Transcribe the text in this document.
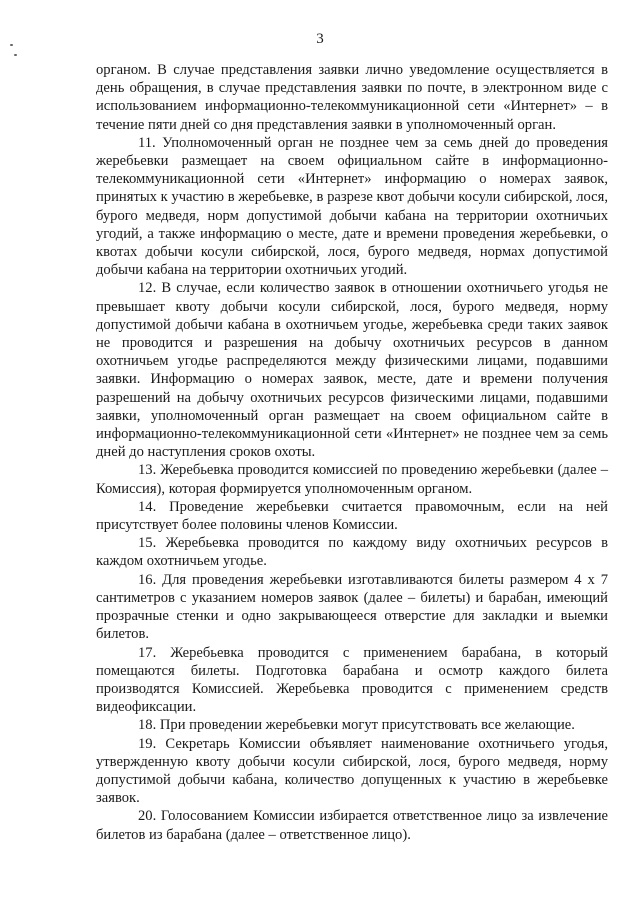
3

органом. В случае представления заявки лично уведомление осуществляется в день обращения, в случае представления заявки по почте, в электронном виде с использованием информационно-телекоммуникационной сети «Интернет» – в течение пяти дней со дня представления заявки в уполномоченный орган.

11. Уполномоченный орган не позднее чем за семь дней до проведения жеребьевки размещает на своем официальном сайте в информационно-телекоммуникационной сети «Интернет» информацию о номерах заявок, принятых к участию в жеребьевке, в разрезе квот добычи косули сибирской, лося, бурого медведя, норм допустимой добычи кабана на территории охотничьих угодий, а также информацию о месте, дате и времени проведения жеребьевки, о квотах добычи косули сибирской, лося, бурого медведя, нормах допустимой добычи кабана на территории охотничьих угодий.

12. В случае, если количество заявок в отношении охотничьего угодья не превышает квоту добычи косули сибирской, лося, бурого медведя, норму допустимой добычи кабана в охотничьем угодье, жеребьевка среди таких заявок не проводится и разрешения на добычу охотничьих ресурсов в данном охотничьем угодье распределяются между физическими лицами, подавшими заявки. Информацию о номерах заявок, месте, дате и времени получения разрешений на добычу охотничьих ресурсов физическими лицами, подавшими заявки, уполномоченный орган размещает на своем официальном сайте в информационно-телекоммуникационной сети «Интернет» не позднее чем за семь дней до наступления сроков охоты.

13. Жеребьевка проводится комиссией по проведению жеребьевки (далее – Комиссия), которая формируется уполномоченным органом.

14. Проведение жеребьевки считается правомочным, если на ней присутствует более половины членов Комиссии.

15. Жеребьевка проводится по каждому виду охотничьих ресурсов в каждом охотничьем угодье.

16. Для проведения жеребьевки изготавливаются билеты размером 4 x 7 сантиметров с указанием номеров заявок (далее – билеты) и барабан, имеющий прозрачные стенки и одно закрывающееся отверстие для закладки и выемки билетов.

17. Жеребьевка проводится с применением барабана, в который помещаются билеты. Подготовка барабана и осмотр каждого билета производятся Комиссией. Жеребьевка проводится с применением средств видеофиксации.

18. При проведении жеребьевки могут присутствовать все желающие.

19. Секретарь Комиссии объявляет наименование охотничьего угодья, утвержденную квоту добычи косули сибирской, лося, бурого медведя, норму допустимой добычи кабана, количество допущенных к участию в жеребьевке заявок.

20. Голосованием Комиссии избирается ответственное лицо за извлечение билетов из барабана (далее – ответственное лицо).
